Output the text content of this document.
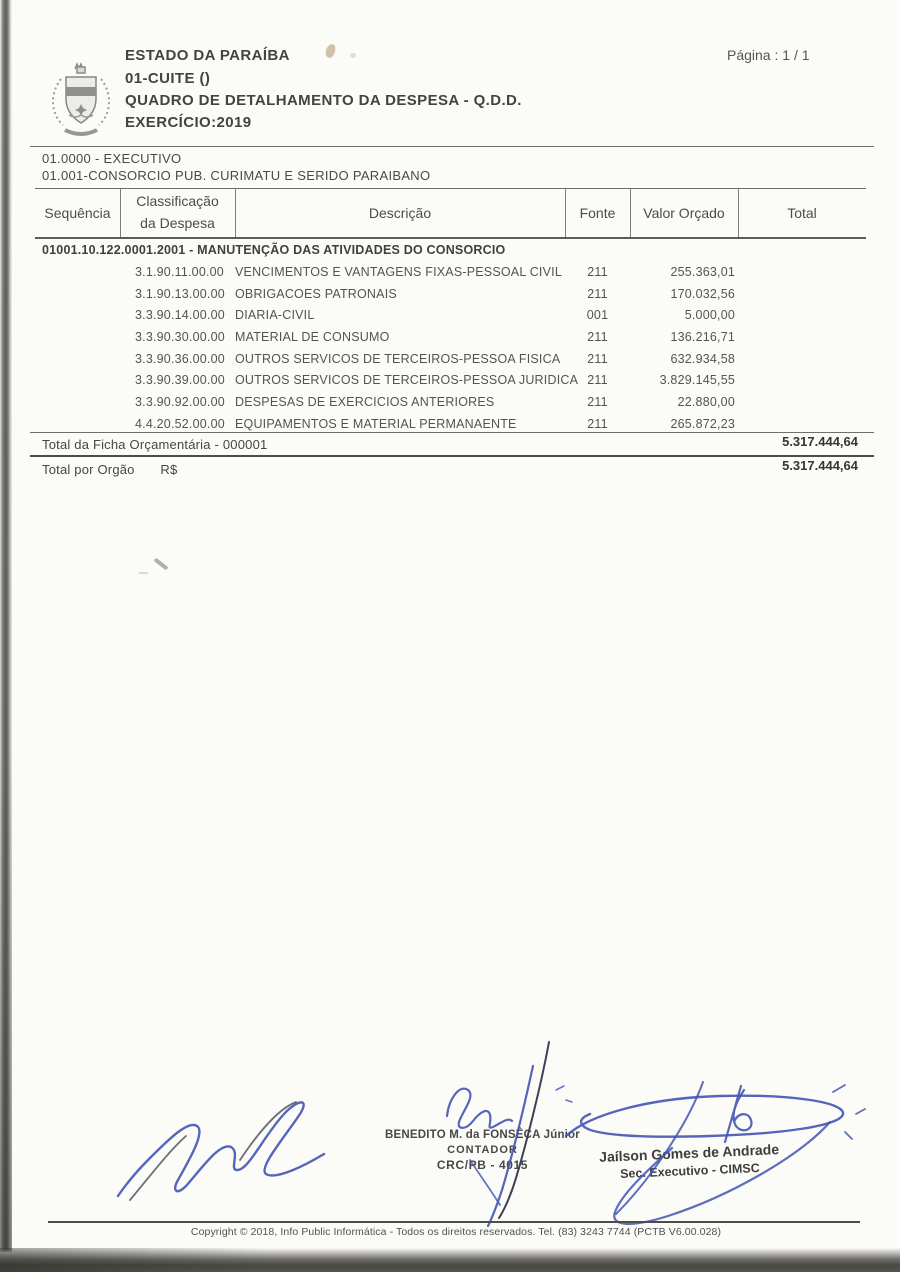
ESTADO DA PARAÍBA
01-CUITE ()
QUADRO DE DETALHAMENTO DA DESPESA - Q.D.D.
EXERCÍCIO:2019
Página : 1 / 1
01.0000 - EXECUTIVO
01.001-CONSORCIO PUB. CURIMATU E SERIDO PARAIBANO
Sequência
Classificação
da Despesa
Descrição	Fonte	Valor Orçado	Total
01001.10.122.0001.2001 - MANUTENÇÃO DAS ATIVIDADES DO CONSORCIO
3.1.90.11.00.00 VENCIMENTOS E VANTAGENS FIXAS-PESSOAL CIVIL	211	255.363,01
3.1.90.13.00.00 OBRIGACOES PATRONAIS	211	170.032,56
3.3.90.14.00.00 DIARIA-CIVIL	001	5.000,00
3.3.90.30.00.00 MATERIAL DE CONSUMO	211	136.216,71
3.3.90.36.00.00 OUTROS SERVICOS DE TERCEIROS-PESSOA FISICA	211	632.934,58
3.3.90.39.00.00 OUTROS SERVICOS DE TERCEIROS-PESSOA JURIDICA 211	3.829.145,55
3.3.90.92.00.00 DESPESAS DE EXERCICIOS ANTERIORES	211	22.880,00
4.4.20.52.00.00 EQUIPAMENTOS E MATERIAL PERMANAENTE	211	265.872,23
Total da Ficha Orçamentária - 000001	5.317.444,64
Total por Orgão R$	5.317.444,64
BENEDITO M. da FONSÊCA Júnior
CONTADOR
CRC/PB - 4015
Jaílson Gomes de Andrade
Sec. Executivo - CIMSC
Copyright © 2018, Info Public Informática - Todos os direitos reservados. Tel. (83) 3243 7744 (PCTB V6.00.028)
